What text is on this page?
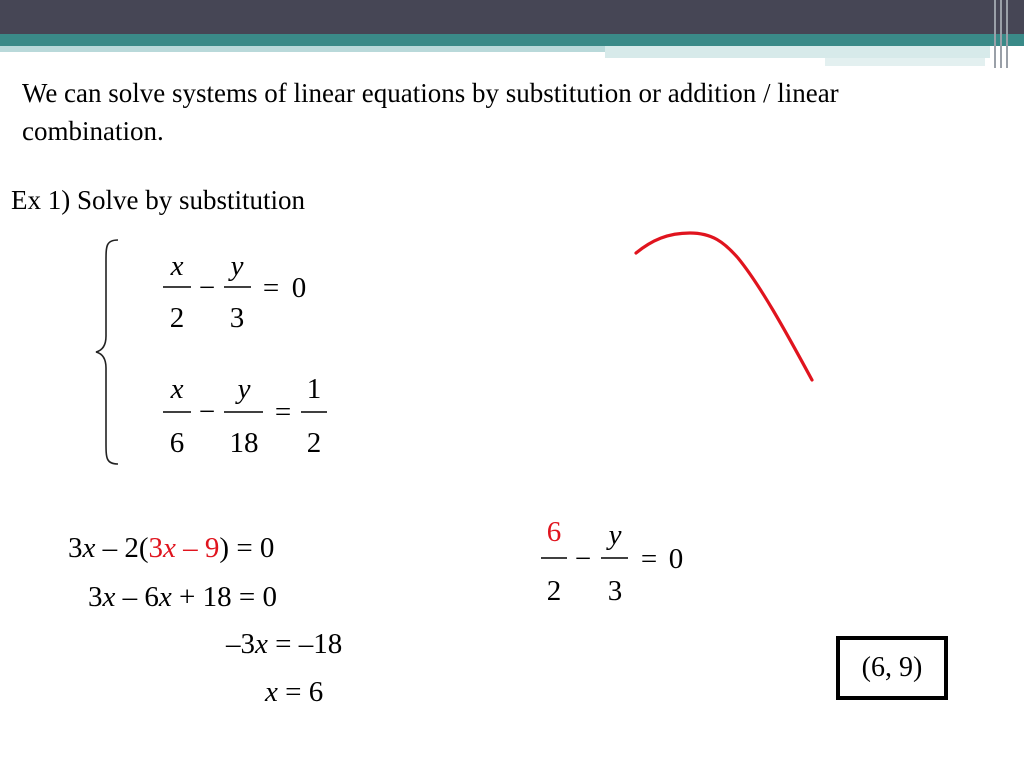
We can solve systems of linear equations by substitution or addition / linear combination.
Ex 1) Solve by substitution
x
2
−
y
3
= 0
x
6
−
y
18
=
1
2
6
2
−
y
3
= 0
3x – 2(3x – 9) = 0
3x – 6x + 18 = 0
–3x = –18
x = 6
(6, 9)
